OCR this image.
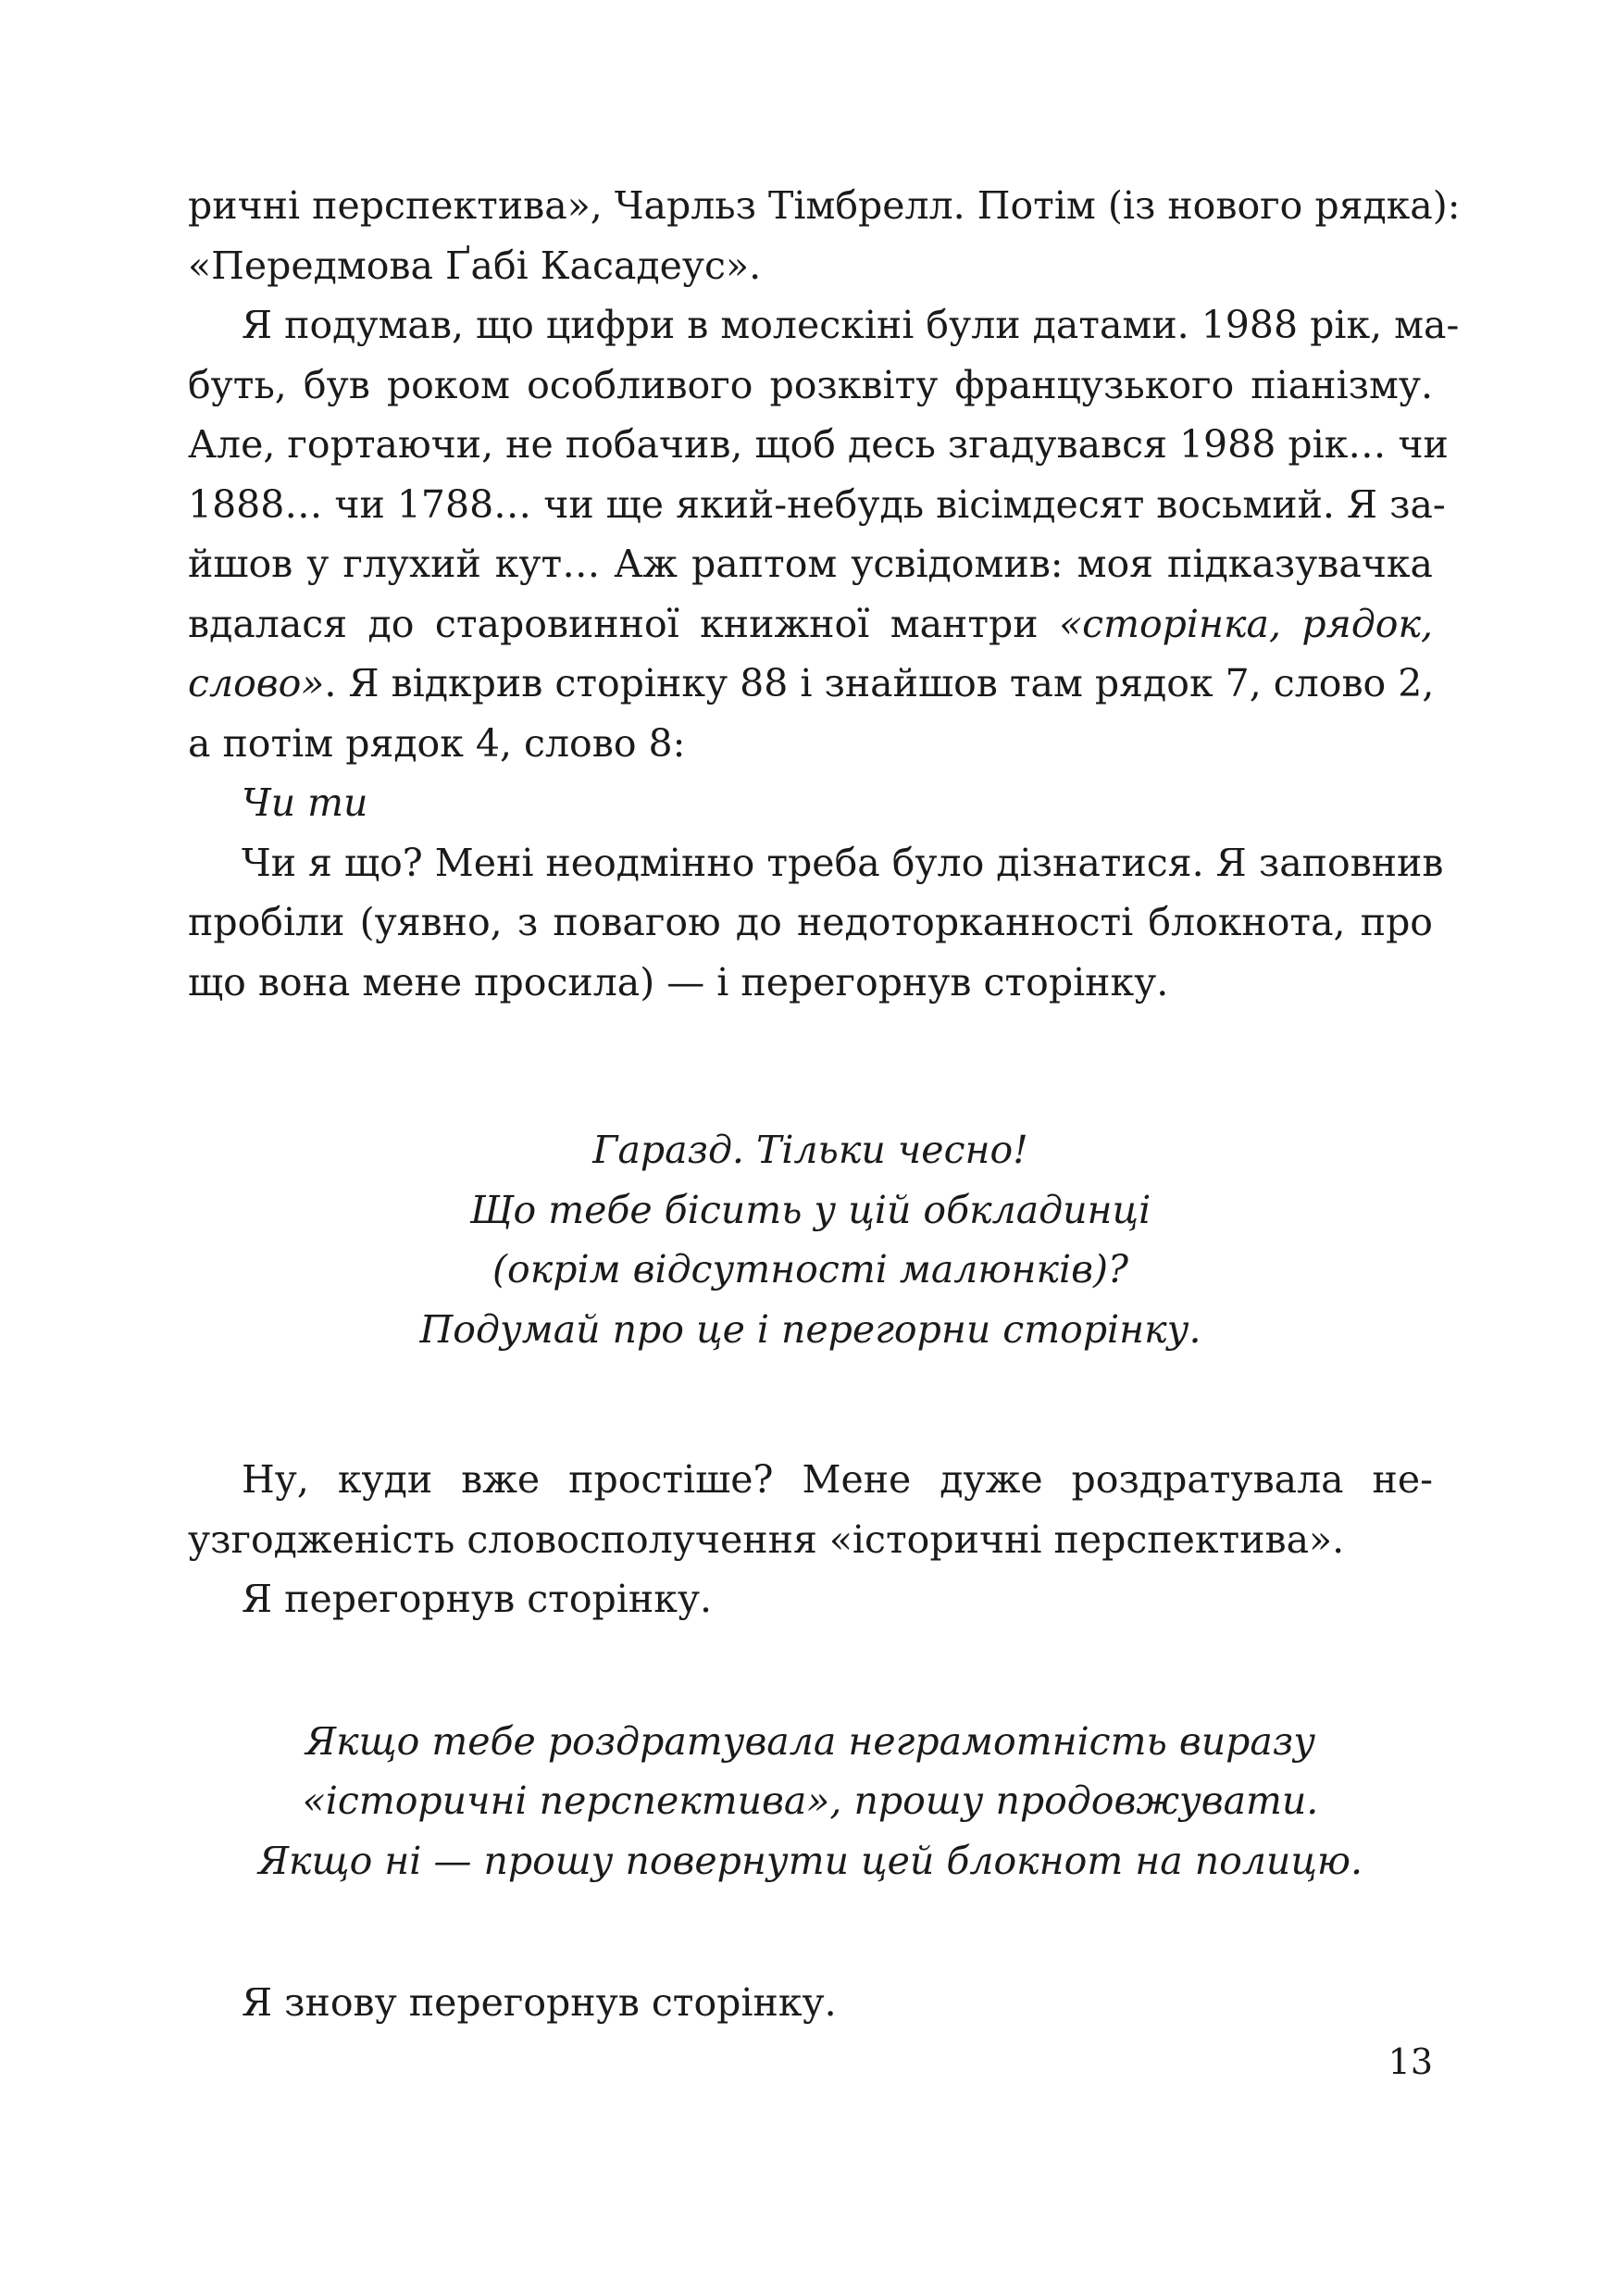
ричні перспектива», Чарльз Тімбрелл. Потім (із нового рядка):
«Передмова Ґабі Касадеус».
Я подумав, що цифри в молескіні були датами. 1988 рік, ма-
буть, був роком особливого розквіту французького піанізму.
Але, гортаючи, не побачив, щоб десь згадувався 1988 рік… чи
1888… чи 1788… чи ще який-небудь вісімдесят восьмий. Я за-
йшов у глухий кут… Аж раптом усвідомив: моя підказувачка
вдалася до старовинної книжної мантри «сторінка, рядок,
слово». Я відкрив сторінку 88 і знайшов там рядок 7, слово 2,
а потім рядок 4, слово 8:
Чи ти
Чи я що? Мені неодмінно треба було дізнатися. Я заповнив
пробіли (уявно, з повагою до недоторканності блокнота, про
що вона мене просила) — і перегорнув сторінку.
Гаразд. Тільки чесно!
Що тебе бісить у цій обкладинці
(окрім відсутності малюнків)?
Подумай про це і перегорни сторінку.
Ну, куди вже простіше? Мене дуже роздратувала не-
узгодженість словосполучення «історичні перспектива».
Я перегорнув сторінку.
Якщо тебе роздратувала неграмотність виразу
«історичні перспектива», прошу продовжувати.
Якщо ні — прошу повернути цей блокнот на полицю.
Я знову перегорнув сторінку.
13
